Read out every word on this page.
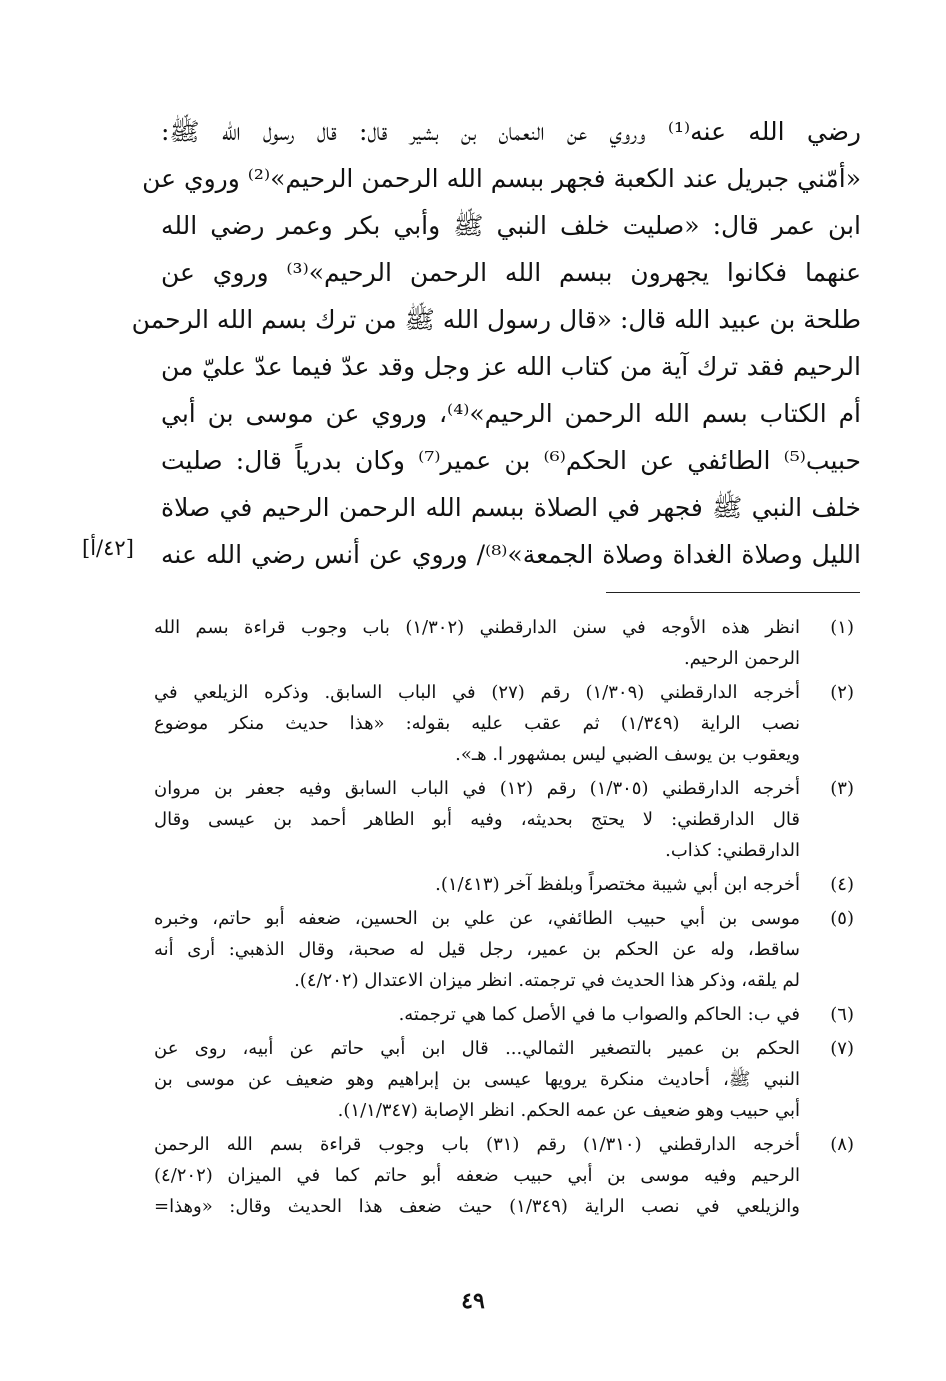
رضي الله عنه⁽¹⁾ وروي عن النعمان بن بشير قال: قال رسول الله ﷺ:
«أمّني جبريل عند الكعبة فجهر ببسم الله الرحمن الرحيم»⁽²⁾ وروي عن
ابن عمر قال: «صليت خلف النبي ﷺ وأبي بكر وعمر رضي الله
عنهما فكانوا يجهرون ببسم الله الرحمن الرحيم»⁽³⁾ وروي عن
طلحة بن عبيد الله قال: «قال رسول الله ﷺ من ترك بسم الله الرحمن
الرحيم فقد ترك آية من كتاب الله عز وجل وقد عدّ فيما عدّ عليّ من
أم الكتاب بسم الله الرحمن الرحيم»⁽⁴⁾، وروي عن موسى بن أبي
حبيب⁽⁵⁾ الطائفي عن الحكم⁽⁶⁾ بن عمير⁽⁷⁾ وكان بدرياً قال: صليت
خلف النبي ﷺ فجهر في الصلاة ببسم الله الرحمن الرحيم في صلاة
الليل وصلاة الغداة وصلاة الجمعة»⁽⁸⁾/ وروي عن أنس رضي الله عنه
[٤٢/أ]
(١)
انظر هذه الأوجه في سنن الدارقطني (١/٣٠٢) باب وجوب قراءة بسم الله
الرحمن الرحيم.
(٢)
أخرجه الدارقطني (١/٣٠٩) رقم (٢٧) في الباب السابق. وذكره الزيلعي في
نصب الراية (١/٣٤٩) ثم عقب عليه بقوله: «هذا حديث منكر موضوع
ويعقوب بن يوسف الضبي ليس بمشهور ا. هـ».
(٣)
أخرجه الدارقطني (١/٣٠٥) رقم (١٢) في الباب السابق وفيه جعفر بن مروان
قال الدارقطني: لا يحتج بحديثه، وفيه أبو الطاهر أحمد بن عيسى وقال
الدارقطني: كذاب.
(٤)
أخرجه ابن أبي شيبة مختصراً وبلفظ آخر (١/٤١٣).
(٥)
موسى بن أبي حبيب الطائفي، عن علي بن الحسين، ضعفه أبو حاتم، وخبره
ساقط، وله عن الحكم بن عمير، رجل قيل له صحبة، وقال الذهبي: أرى أنه
لم يلقه، وذكر هذا الحديث في ترجمته. انظر ميزان الاعتدال (٤/٢٠٢).
(٦)
في ب: الحاكم والصواب ما في الأصل كما هي ترجمته.
(٧)
الحكم بن عمير بالتصغير الثمالي... قال ابن أبي حاتم عن أبيه، روى عن
النبي ﷺ، أحاديث منكرة يرويها عيسى بن إبراهيم وهو ضعيف عن موسى بن
أبي حبيب وهو ضعيف عن عمه الحكم. انظر الإصابة (١/١/٣٤٧).
(٨)
أخرجه الدارقطني (١/٣١٠) رقم (٣١) باب وجوب قراءة بسم الله الرحمن
الرحيم وفيه موسى بن أبي حبيب ضعفه أبو حاتم كما في الميزان (٤/٢٠٢)
والزيلعي في نصب الراية (١/٣٤٩) حيث ضعف هذا الحديث وقال: «وهذا=
٤٩
